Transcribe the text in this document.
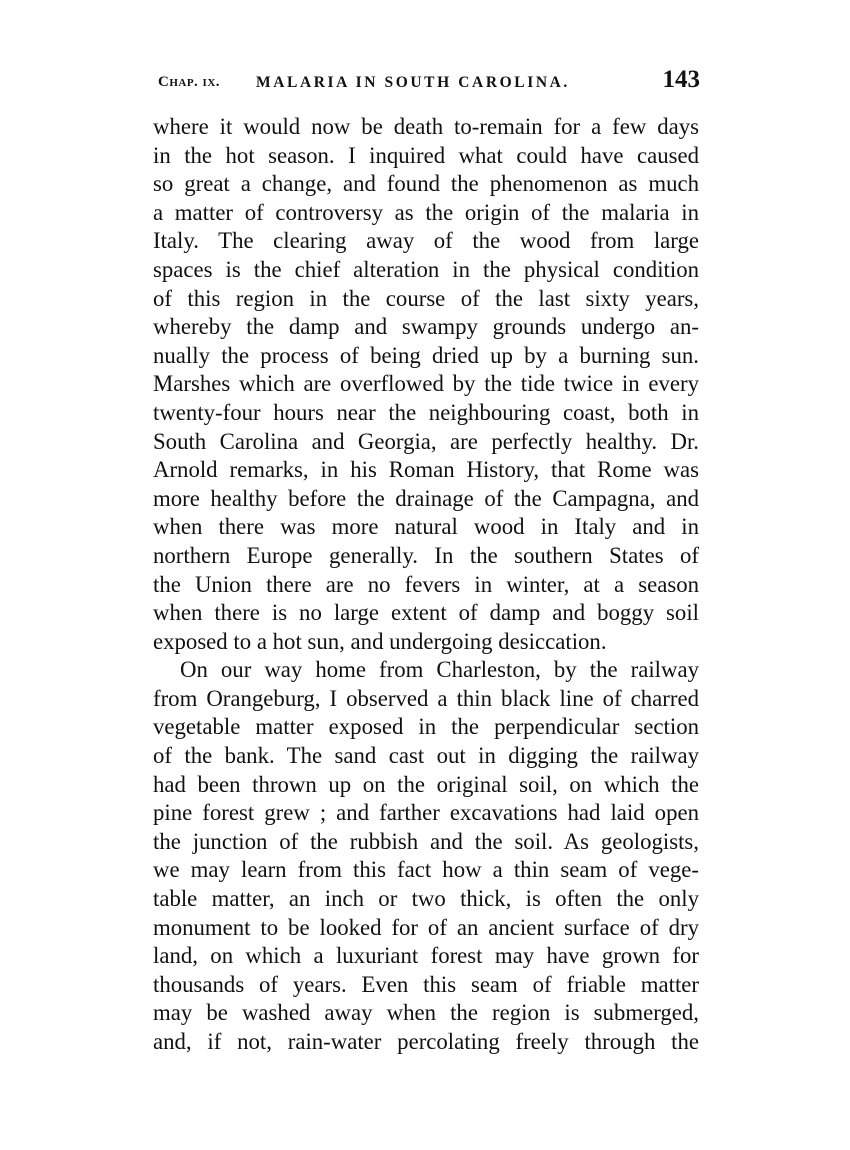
Chap. ix. MALARIA IN SOUTH CAROLINA.	143
where it would now be death to-remain for a few days
in the hot season. I inquired what could have caused
so great a change, and found the phenomenon as much
a matter of controversy as the origin of the malaria in
Italy. The clearing away of the wood from large
spaces is the chief alteration in the physical condition
of this region in the course of the last sixty years,
whereby the damp and swampy grounds undergo an-
nually the process of being dried up by a burning sun.
Marshes which are overflowed by the tide twice in every
twenty-four hours near the neighbouring coast, both in
South Carolina and Georgia, are perfectly healthy. Dr.
Arnold remarks, in his Roman History, that Rome was
more healthy before the drainage of the Campagna, and
when there was more natural wood in Italy and in
northern Europe generally. In the southern States of
the Union there are no fevers in winter, at a season
when there is no large extent of damp and boggy soil
exposed to a hot sun, and undergoing desiccation.
On our way home from Charleston, by the railway
from Orangeburg, I observed a thin black line of charred
vegetable matter exposed in the perpendicular section
of the bank. The sand cast out in digging the railway
had been thrown up on the original soil, on which the
pine forest grew ; and farther excavations had laid open
the junction of the rubbish and the soil. As geologists,
we may learn from this fact how a thin seam of vege-
table matter, an inch or two thick, is often the only
monument to be looked for of an ancient surface of dry
land, on which a luxuriant forest may have grown for
thousands of years. Even this seam of friable matter
may be washed away when the region is submerged,
and, if not, rain-water percolating freely through the
